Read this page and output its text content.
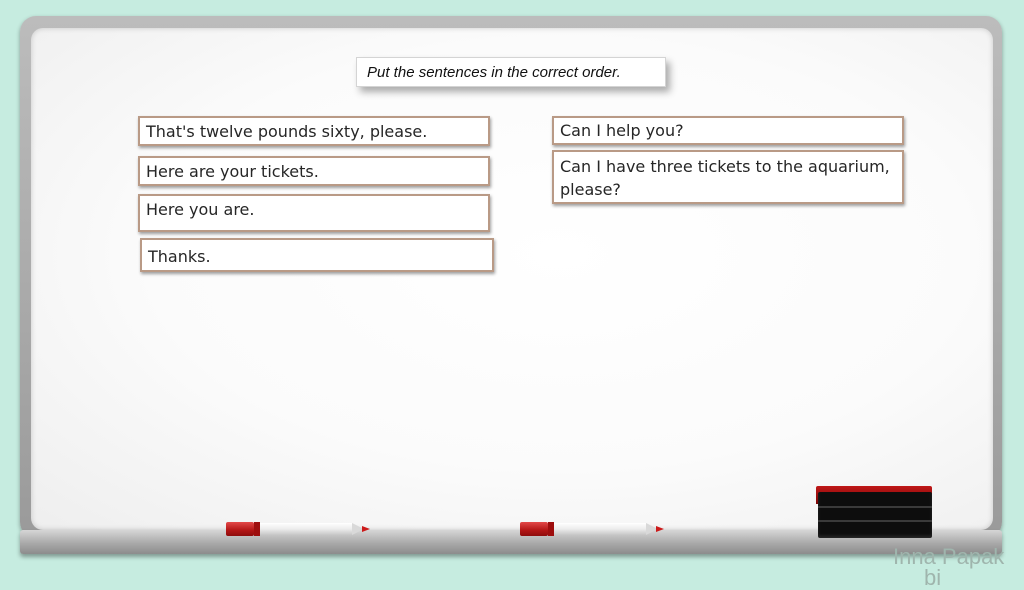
Put the sentences in the correct order.
That's twelve pounds sixty, please.
Here are your tickets.
Here you are.
Thanks.
Can I help you?
Can I have three tickets to the aquarium, please?
Inna Papak
bi
